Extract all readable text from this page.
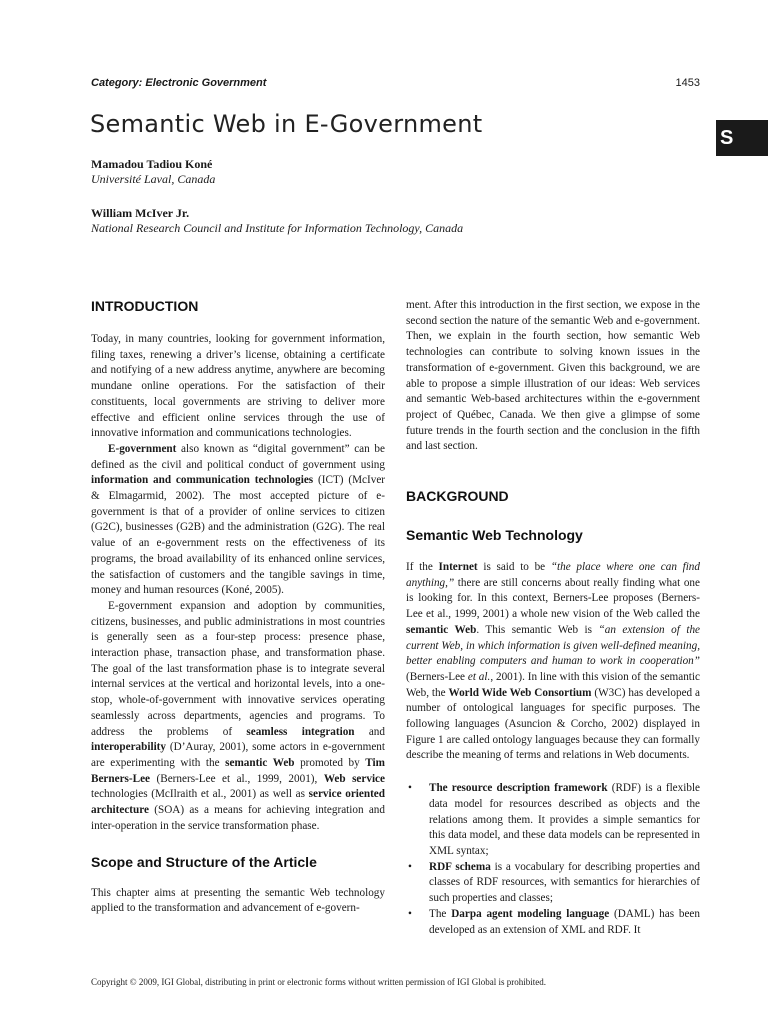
Category: Electronic Government	1453
S
Semantic Web in E-Government
Mamadou Tadiou Koné
Université Laval, Canada
William McIver Jr.
National Research Council and Institute for Information Technology, Canada
INTRODUCTION

Today, in many countries, looking for government information, filing taxes, renewing a driver’s license, obtaining a certificate and notifying of a new address anytime, anywhere are becoming mundane online operations. For the satisfaction of their constituents, local governments are striving to deliver more effective and efficient online services through the use of innovative information and communications technologies.

E-government also known as “digital government” can be defined as the civil and political conduct of government using information and communication technologies (ICT) (McIver & Elmagarmid, 2002). The most accepted picture of e-government is that of a provider of online services to citizen (G2C), businesses (G2B) and the administration (G2G). The real value of an e-government rests on the effectiveness of its programs, the broad availability of its enhanced online services, the satisfaction of customers and the tangible savings in time, money and human resources (Koné, 2005).

E-government expansion and adoption by communities, citizens, businesses, and public administrations in most countries is generally seen as a four-step process: presence phase, interaction phase, transaction phase, and transformation phase. The goal of the last transformation phase is to integrate several internal services at the vertical and horizontal levels, into a one-stop, whole-of-government with innovative services operating seamlessly across departments, agencies and programs. To address the problems of seamless integration and interoperability (D’Auray, 2001), some actors in e-government are experimenting with the semantic Web promoted by Tim Berners-Lee (Berners-Lee et al., 1999, 2001), Web service technologies (McIlraith et al., 2001) as well as service oriented architecture (SOA) as a means for achieving integration and inter-operation in the service transformation phase.

Scope and Structure of the Article

This chapter aims at presenting the semantic Web technology applied to the transformation and advancement of e-govern-

ment. After this introduction in the first section, we expose in the second section the nature of the semantic Web and e-government. Then, we explain in the fourth section, how semantic Web technologies can contribute to solving known issues in the transformation of e-government. Given this background, we are able to propose a simple illustration of our ideas: Web services and semantic Web-based architectures within the e-government project of Québec, Canada. We then give a glimpse of some future trends in the fourth section and the conclusion in the fifth and last section.

BACKGROUND
Semantic Web Technology

If the Internet is said to be “the place where one can find anything,” there are still concerns about really finding what one is looking for. In this context, Berners-Lee proposes (Berners-Lee et al., 1999, 2001) a whole new vision of the Web called the semantic Web. This semantic Web is “an extension of the current Web, in which information is given well-defined meaning, better enabling computers and human to work in cooperation” (Berners-Lee et al., 2001). In line with this vision of the semantic Web, the World Wide Web Consortium (W3C) has developed a number of ontological languages for specific purposes. The following languages (Asuncion & Corcho, 2002) displayed in Figure 1 are called ontology languages because they can formally describe the meaning of terms and relations in Web documents.

• The resource description framework (RDF) is a flexible data model for resources described as objects and the relations among them. It provides a simple semantics for this data model, and these data models can be represented in XML syntax;
• RDF schema is a vocabulary for describing properties and classes of RDF resources, with semantics for hierarchies of such properties and classes;
• The Darpa agent modeling language (DAML) has been developed as an extension of XML and RDF. It
Copyright © 2009, IGI Global, distributing in print or electronic forms without written permission of IGI Global is prohibited.
